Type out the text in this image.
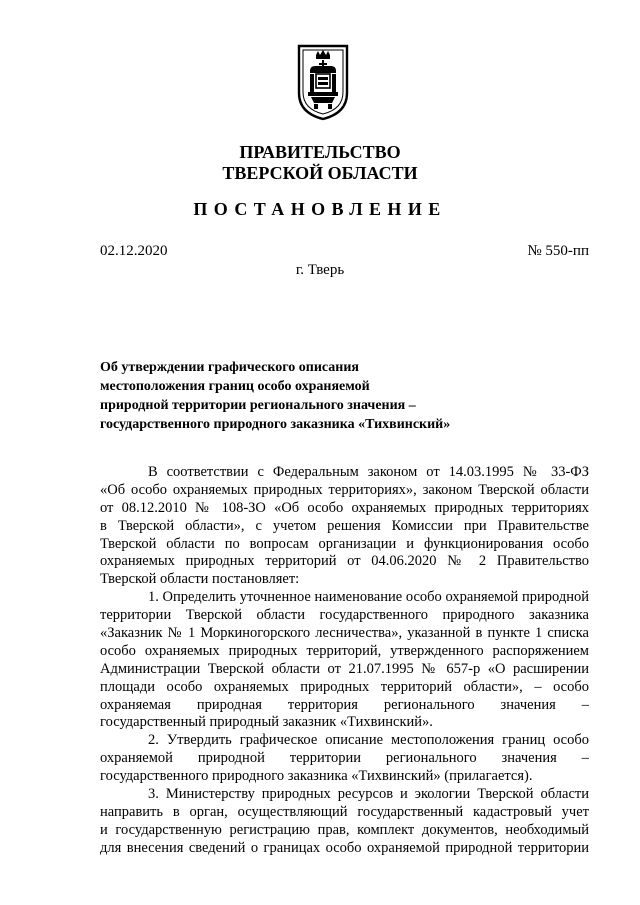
ПРАВИТЕЛЬСТВО
ТВЕРСКОЙ ОБЛАСТИ
ПОСТАНОВЛЕНИЕ
02.12.2020	№ 550-пп
г. Тверь
Об утверждении графического описания
местоположения границ особо охраняемой
природной территории регионального значения –
государственного природного заказника «Тихвинский»
В соответствии с Федеральным законом от 14.03.1995 № 33-ФЗ
«Об особо охраняемых природных территориях», законом Тверской области
от 08.12.2010 № 108-ЗО «Об особо охраняемых природных территориях
в Тверской области», с учетом решения Комиссии при Правительстве
Тверской области по вопросам организации и функционирования особо
охраняемых природных территорий от 04.06.2020 № 2 Правительство
Тверской области постановляет:
1. Определить уточненное наименование особо охраняемой природной
территории Тверской области государственного природного заказника
«Заказник № 1 Моркиногорского лесничества», указанной в пункте 1 списка
особо охраняемых природных территорий, утвержденного распоряжением
Администрации Тверской области от 21.07.1995 № 657-р «О расширении
площади особо охраняемых природных территорий области», – особо
охраняемая природная территория регионального значения –
государственный природный заказник «Тихвинский».
2. Утвердить графическое описание местоположения границ особо
охраняемой природной территории регионального значения –
государственного природного заказника «Тихвинский» (прилагается).
3. Министерству природных ресурсов и экологии Тверской области
направить в орган, осуществляющий государственный кадастровый учет
и государственную регистрацию прав, комплект документов, необходимый
для внесения сведений о границах особо охраняемой природной территории
